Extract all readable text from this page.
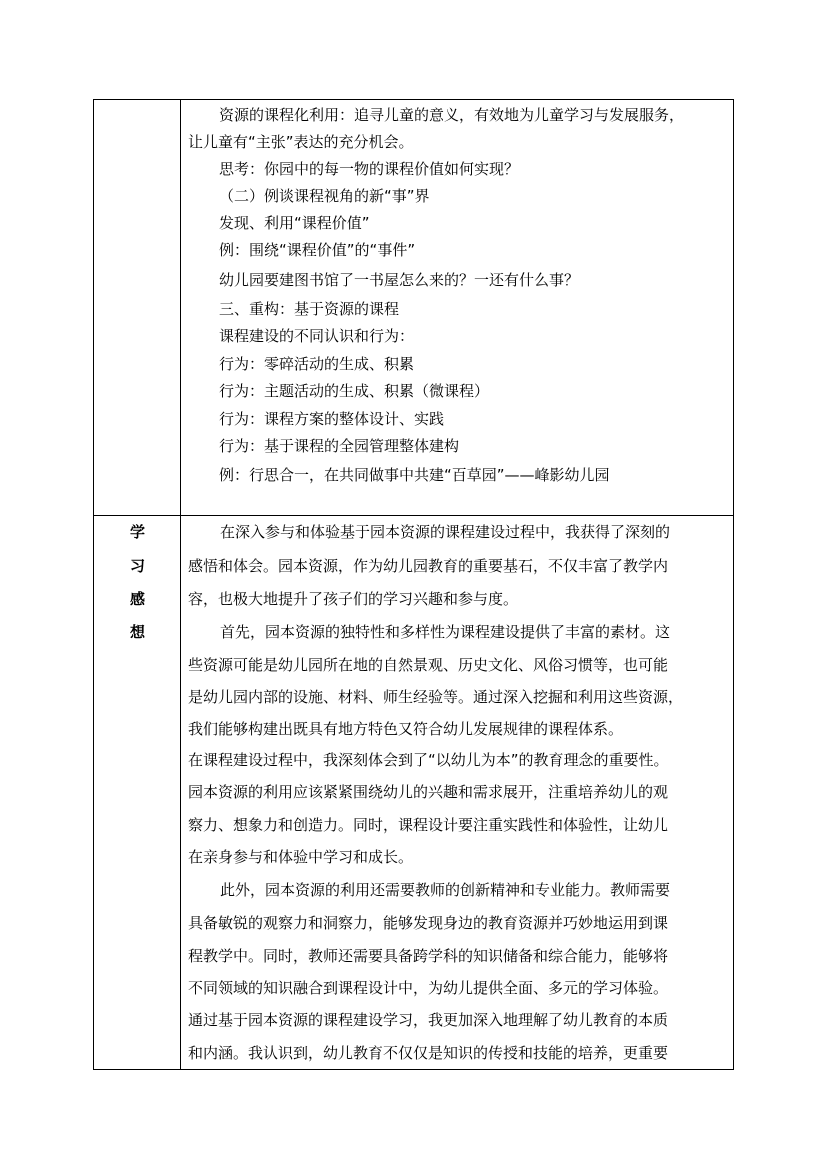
资源的课程化利用：追寻儿童的意义，有效地为儿童学习与发展服务，
让儿童有“主张”表达的充分机会。
思考：你园中的每一物的课程价值如何实现？
（二）例谈课程视角的新“事”界
发现、利用“课程价值”
例：围绕“课程价值”的“事件”
幼儿园要建图书馆了一书屋怎么来的？一还有什么事？
三、重构：基于资源的课程
课程建设的不同认识和行为：
行为：零碎活动的生成、积累
行为：主题活动的生成、积累（微课程）
行为：课程方案的整体设计、实践
行为：基于课程的全园管理整体建构
例：行思合一，在共同做事中共建“百草园”——峰影幼儿园
学
习
感
想
在深入参与和体验基于园本资源的课程建设过程中，我获得了深刻的
感悟和体会。园本资源，作为幼儿园教育的重要基石，不仅丰富了教学内
容，也极大地提升了孩子们的学习兴趣和参与度。
首先，园本资源的独特性和多样性为课程建设提供了丰富的素材。这
些资源可能是幼儿园所在地的自然景观、历史文化、风俗习惯等，也可能
是幼儿园内部的设施、材料、师生经验等。通过深入挖掘和利用这些资源，
我们能够构建出既具有地方特色又符合幼儿发展规律的课程体系。
在课程建设过程中，我深刻体会到了“以幼儿为本”的教育理念的重要性。
园本资源的利用应该紧紧围绕幼儿的兴趣和需求展开，注重培养幼儿的观
察力、想象力和创造力。同时，课程设计要注重实践性和体验性，让幼儿
在亲身参与和体验中学习和成长。
此外，园本资源的利用还需要教师的创新精神和专业能力。教师需要
具备敏锐的观察力和洞察力，能够发现身边的教育资源并巧妙地运用到课
程教学中。同时，教师还需要具备跨学科的知识储备和综合能力，能够将
不同领域的知识融合到课程设计中，为幼儿提供全面、多元的学习体验。
通过基于园本资源的课程建设学习，我更加深入地理解了幼儿教育的本质
和内涵。我认识到，幼儿教育不仅仅是知识的传授和技能的培养，更重要
